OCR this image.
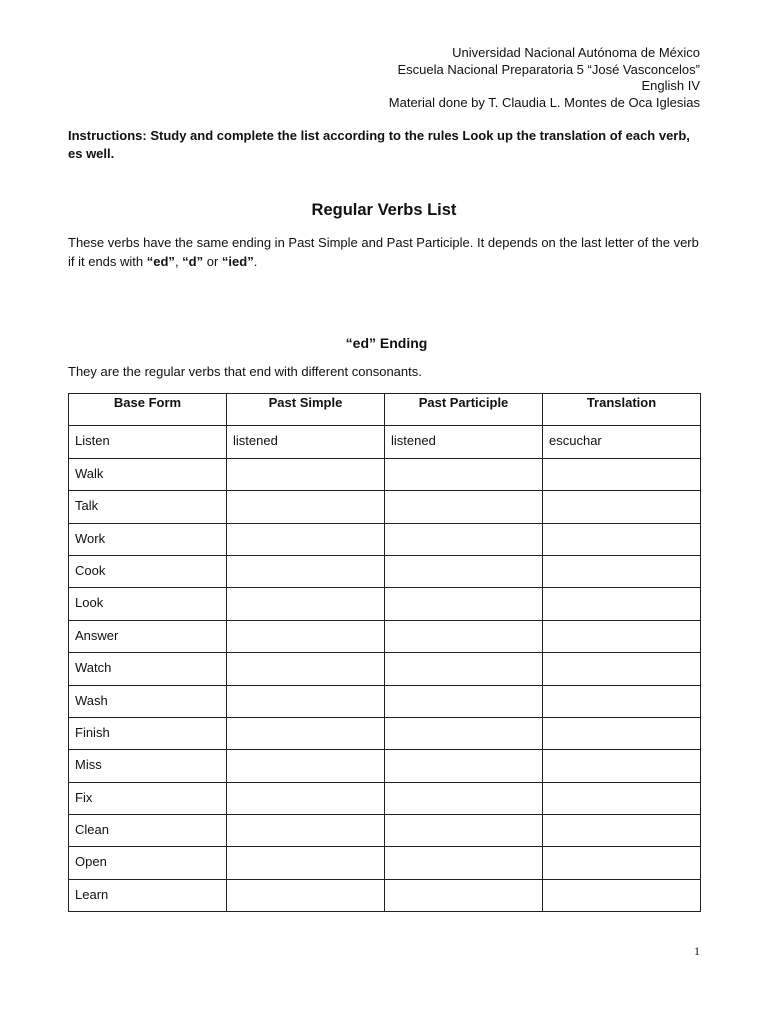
Universidad Nacional Autónoma de México
Escuela Nacional Preparatoria 5 “José Vasconcelos”
English IV
Material done by T. Claudia L. Montes de Oca Iglesias
Instructions: Study and complete the list according to the rules Look up the translation of each verb, es well.
Regular Verbs List
These verbs have the same ending in Past Simple and Past Participle. It depends on the last letter of the verb if it ends with “ed”, “d” or “ied”.
“ed” Ending
They are the regular verbs that end with different consonants.
Base Form	Past Simple	Past Participle	Translation
Listen	listened	listened	escuchar
Walk			
Talk			
Work			
Cook			
Look			
Answer			
Watch			
Wash			
Finish			
Miss			
Fix			
Clean			
Open			
Learn			
1
